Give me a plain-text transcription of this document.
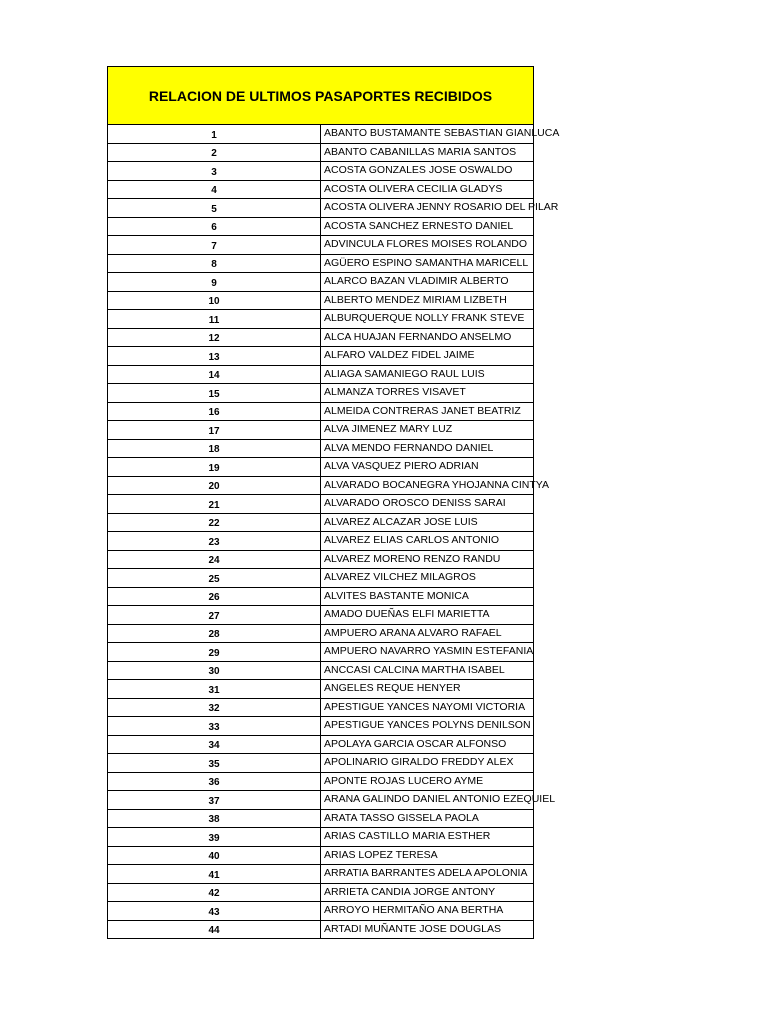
RELACION DE ULTIMOS PASAPORTES RECIBIDOS	
1	ABANTO BUSTAMANTE SEBASTIAN GIANLUCA
2	ABANTO CABANILLAS MARIA SANTOS
3	ACOSTA GONZALES JOSE OSWALDO
4	ACOSTA OLIVERA CECILIA GLADYS
5	ACOSTA OLIVERA JENNY ROSARIO DEL PILAR
6	ACOSTA SANCHEZ ERNESTO DANIEL
7	ADVINCULA FLORES MOISES ROLANDO
8	AGÜERO ESPINO SAMANTHA MARICELL
9	ALARCO BAZAN VLADIMIR ALBERTO
10	ALBERTO MENDEZ MIRIAM LIZBETH
11	ALBURQUERQUE NOLLY FRANK STEVE
12	ALCA HUAJAN FERNANDO ANSELMO
13	ALFARO VALDEZ FIDEL JAIME
14	ALIAGA SAMANIEGO RAUL LUIS
15	ALMANZA TORRES VISAVET
16	ALMEIDA CONTRERAS JANET BEATRIZ
17	ALVA JIMENEZ MARY LUZ
18	ALVA MENDO FERNANDO DANIEL
19	ALVA VASQUEZ PIERO ADRIAN
20	ALVARADO BOCANEGRA YHOJANNA CINTYA
21	ALVARADO OROSCO DENISS SARAI
22	ALVAREZ ALCAZAR JOSE LUIS
23	ALVAREZ ELIAS CARLOS ANTONIO
24	ALVAREZ MORENO RENZO RANDU
25	ALVAREZ VILCHEZ MILAGROS
26	ALVITES BASTANTE MONICA
27	AMADO DUEÑAS ELFI MARIETTA
28	AMPUERO ARANA ALVARO RAFAEL
29	AMPUERO NAVARRO YASMIN ESTEFANIA
30	ANCCASI CALCINA MARTHA ISABEL
31	ANGELES REQUE HENYER
32	APESTIGUE YANCES NAYOMI VICTORIA
33	APESTIGUE YANCES POLYNS DENILSON
34	APOLAYA GARCIA OSCAR ALFONSO
35	APOLINARIO GIRALDO FREDDY ALEX
36	APONTE ROJAS LUCERO AYME
37	ARANA GALINDO DANIEL ANTONIO EZEQUIEL
38	ARATA TASSO GISSELA PAOLA
39	ARIAS CASTILLO MARIA ESTHER
40	ARIAS LOPEZ TERESA
41	ARRATIA BARRANTES ADELA APOLONIA
42	ARRIETA CANDIA JORGE ANTONY
43	ARROYO HERMITAÑO ANA BERTHA
44	ARTADI MUÑANTE JOSE DOUGLAS
